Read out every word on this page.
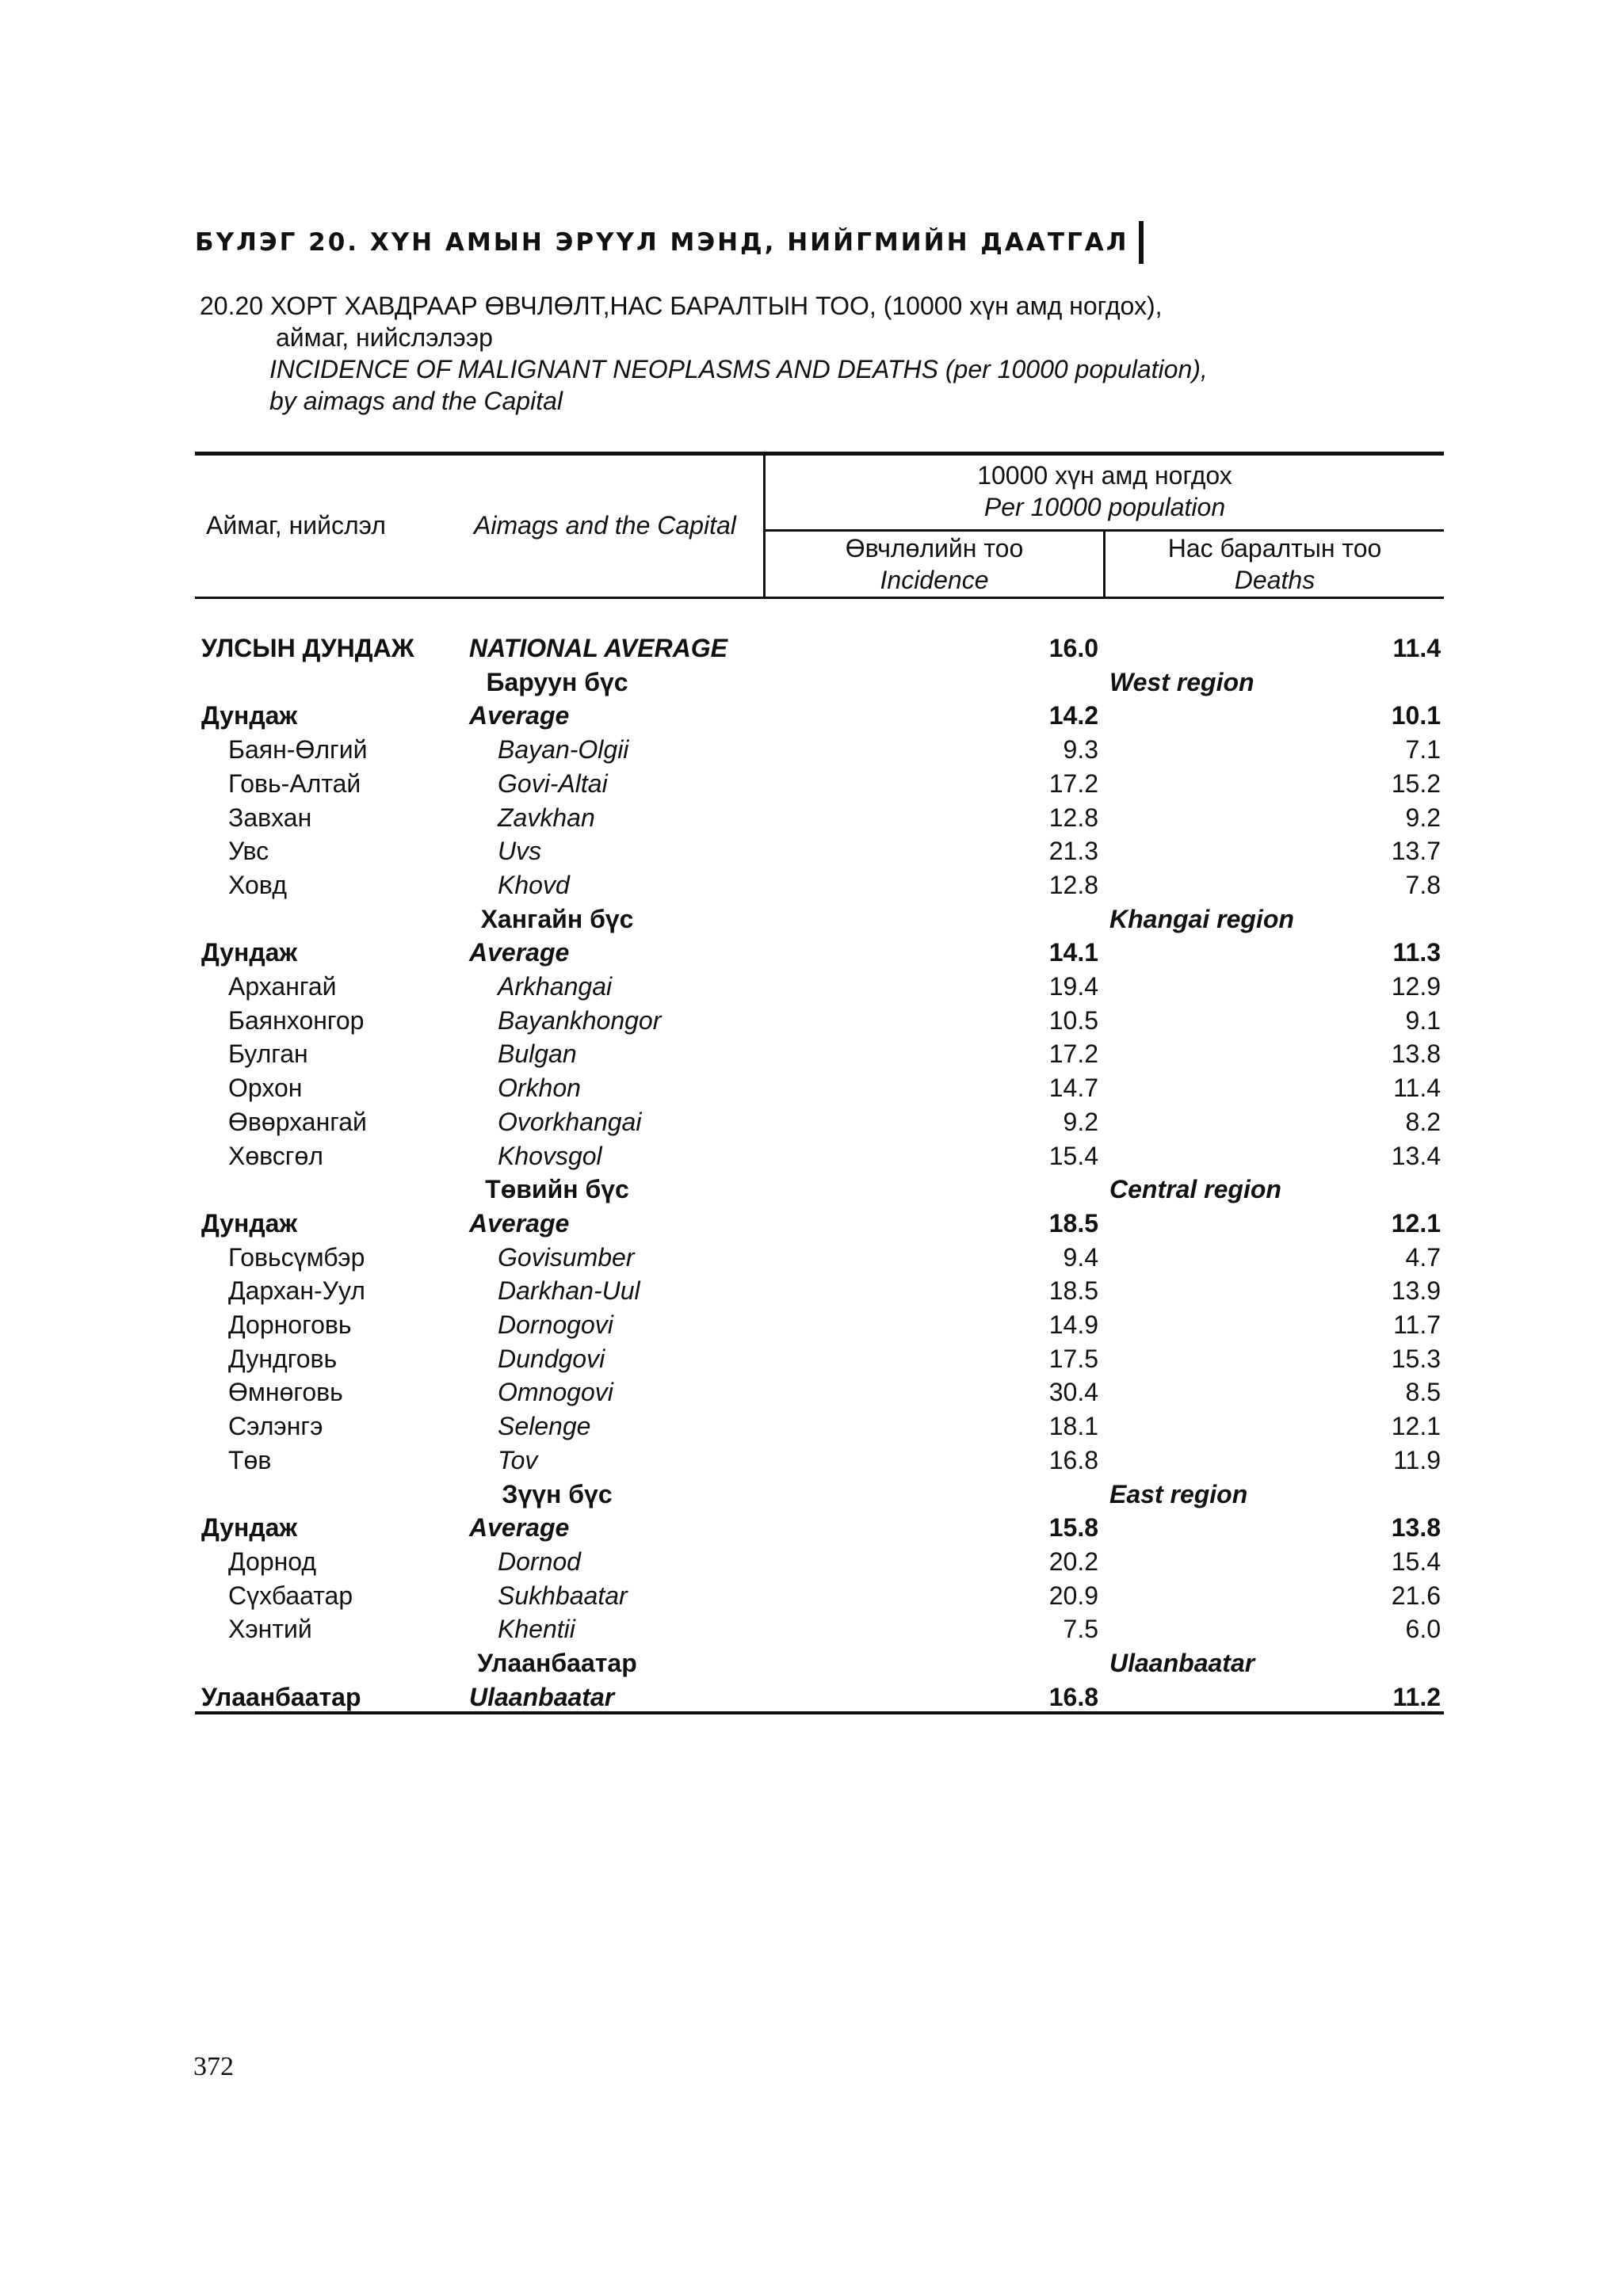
БҮЛЭГ 20. ХҮН АМЫН ЭРҮҮЛ МЭНД, НИЙГМИЙН ДААТГАЛ
20.20 ХОРТ ХАВДРААР ӨВЧЛӨЛТ,НАС БАРАЛТЫН ТОО, (10000 хүн амд ногдох),
аймаг, нийслэлээр
INCIDENCE OF MALIGNANT NEOPLASMS AND DEATHS (per 10000 population),
by aimags and the Capital
Аймаг, нийслэл	Aimags and the Capital
10000 хүн амд ногдох
Per 10000 population
Өвчлөлийн тоо
Incidence
Нас баралтын тоо
Deaths
УЛСЫН ДУНДАЖ NATIONAL AVERAGE	16.0	11.4
Баруун бүс	West region
Дундаж	Average	14.2	10.1
Баян-Өлгий	Bayan-Olgii	9.3	7.1
Говь-Алтай	Govi-Altai	17.2	15.2
Завхан	Zavkhan	12.8	9.2
Увс	Uvs	21.3	13.7
Ховд	Khovd	12.8	7.8
Хангайн бүс	Khangai region
Дундаж	Average	14.1	11.3
Архангай	Arkhangai	19.4	12.9
Баянхонгор	Bayankhongor	10.5	9.1
Булган	Bulgan	17.2	13.8
Орхон	Orkhon	14.7	11.4
Өвөрхангай	Ovorkhangai	9.2	8.2
Хөвсгөл	Khovsgol	15.4	13.4
Төвийн бүс	Central region
Дундаж	Average	18.5	12.1
Говьсүмбэр	Govisumber	9.4	4.7
Дархан-Уул	Darkhan-Uul	18.5	13.9
Дорноговь	Dornogovi	14.9	11.7
Дундговь	Dundgovi	17.5	15.3
Өмнөговь	Omnogovi	30.4	8.5
Сэлэнгэ	Selenge	18.1	12.1
Төв	Tov	16.8	11.9
Зүүн бүс	East region
Дундаж	Average	15.8	13.8
Дорнод	Dornod	20.2	15.4
Сүхбаатар	Sukhbaatar	20.9	21.6
Хэнтий	Khentii	7.5	6.0
Улаанбаатар	Ulaanbaatar
Улаанбаатар	Ulaanbaatar	16.8	11.2
372
